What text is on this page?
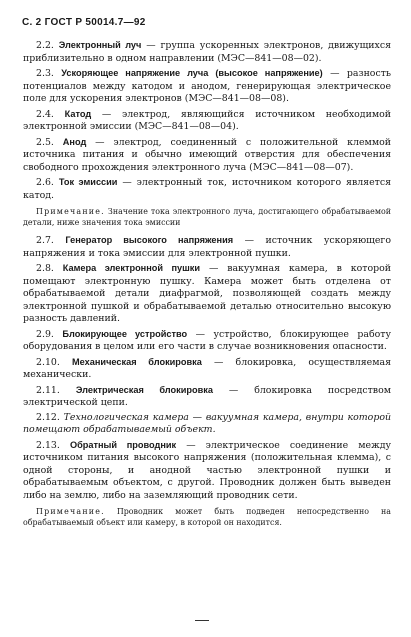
С. 2 ГОСТ Р 50014.7—92

2.2. Электронный луч — группа ускоренных электронов, движущихся приблизительно в одном направлении (МЭС—841—08—02).

2.3. Ускоряющее напряжение луча (высокое напряжение) — разность потенциалов между катодом и анодом, генерирующая электрическое поле для ускорения электронов (МЭС—841—08—08).

2.4. Катод — электрод, являющийся источником необходимой электронной эмиссии (МЭС—841—08—04).

2.5. Анод — электрод, соединенный с положительной клеммой источника питания и обычно имеющий отверстия для обеспечения свободного прохождения электронного луча (МЭС—841—08—07).

2.6. Ток эмиссии — электронный ток, источником которого является катод.

Примечание. Значение тока электронного луча, достигающего обрабатываемой детали, ниже значения тока эмиссии

2.7. Генератор высокого напряжения — источник ускоряющего напряжения и тока эмиссии для электронной пушки.

2.8. Камера электронной пушки — вакуумная камера, в которой помещают электронную пушку. Камера может быть отделена от обрабатываемой детали диафрагмой, позволяющей создать между электронной пушкой и обрабатываемой деталью относительно высокую разность давлений.

2.9. Блокирующее устройство — устройство, блокирующее работу оборудования в целом или его части в случае возникновения опасности.

2.10. Механическая блокировка — блокировка, осуществляемая механически.

2.11. Электрическая блокировка — блокировка посредством электрической цепи.

2.12. Технологическая камера — вакуумная камера, внутри которой помещают обрабатываемый объект.

2.13. Обратный проводник — электрическое соединение между источником питания высокого напряжения (положительная клемма), с одной стороны, и анодной частью электронной пушки и обрабатываемым объектом, с другой. Проводник должен быть выведен либо на землю, либо на заземляющий проводник сети.

Примечание. Проводник может быть подведен непосредственно на обрабатываемый объект или камеру, в которой он находится.
